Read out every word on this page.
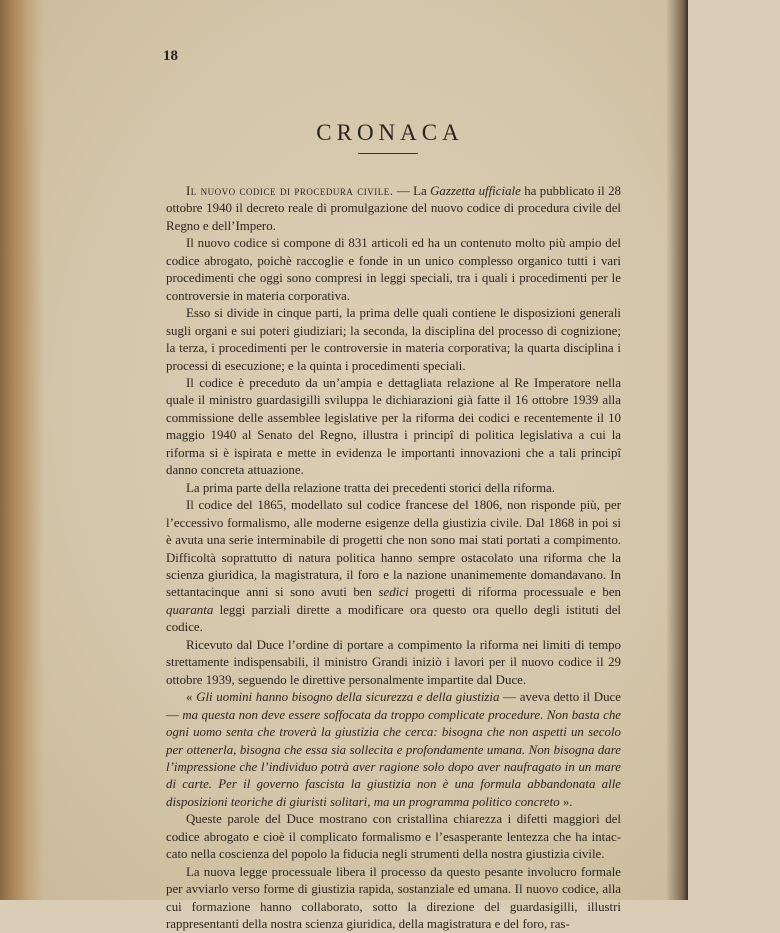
18
CRONACA

Il nuovo codice di procedura civile. — La Gazzetta ufficiale ha pubblicato il 28 ottobre 1940 il decreto reale di promulgazione del nuovo codice di procedura civile del Regno e dell’Impero.

Il nuovo codice si compone di 831 articoli ed ha un contenuto molto più ampio del codice abrogato, poichè raccoglie e fonde in un unico complesso organico tutti i vari procedimenti che oggi sono compresi in leggi speciali, tra i quali i procedimenti per le controversie in materia corporativa.

Esso si divide in cinque parti, la prima delle quali contiene le disposizioni generali sugli organi e sui poteri giudiziari; la seconda, la disciplina del processo di cognizione; la terza, i procedimenti per le controversie in materia corporativa; la quarta disciplina i processi di esecuzione; e la quinta i procedimenti speciali.

Il codice è preceduto da un’ampia e dettagliata relazione al Re Imperatore nella quale il ministro guardasigilli sviluppa le dichiarazioni già fatte il 16 ottobre 1939 alla commissione delle assemblee legislative per la riforma dei codici e recentemente il 10 maggio 1940 al Senato del Regno, illustra i principî di politica legislativa a cui la riforma si è ispirata e mette in evidenza le importanti innovazioni che a tali principî danno concreta attuazione.

La prima parte della relazione tratta dei precedenti storici della riforma.

Il codice del 1865, modellato sul codice francese del 1806, non risponde più, per l’eccessivo formalismo, alle moderne esigenze della giustizia civile. Dal 1868 in poi si è avuta una serie interminabile di progetti che non sono mai stati portati a compimento. Difficoltà soprattutto di natura politica hanno sempre ostacolato una riforma che la scienza giuridica, la magistratura, il foro e la nazione unanimemente domandavano. In settantacinque anni si sono avuti ben sedici progetti di riforma processuale e ben quaranta leggi parziali dirette a modificare ora questo ora quello degli istituti del codice.

Ricevuto dal Duce l’ordine di portare a compimento la riforma nei limiti di tempo strettamente indispensabili, il ministro Grandi iniziò i lavori per il nuovo codice il 29 ottobre 1939, seguendo le direttive personalmente impartite dal Duce.

« Gli uomini hanno bisogno della sicurezza e della giustizia — aveva detto il Duce — ma questa non deve essere soffocata da troppo complicate procedure. Non basta che ogni uomo senta che troverà la giustizia che cerca: bisogna che non aspetti un secolo per ottenerla, bisogna che essa sia sollecita e profondamente umana. Non bisogna dare l’impressione che l’individuo potrà aver ragione solo dopo aver naufragato in un mare di carte. Per il governo fascista la giustizia non è una formula abbandonata alle disposizioni teoriche di giuristi solitari, ma un programma politico concreto ».

Queste parole del Duce mostrano con cristallina chiarezza i difetti maggiori del codice abrogato e cioè il complicato formalismo e l’esasperante lentezza che ha intaccato nella coscienza del popolo la fiducia negli strumenti della nostra giustizia civile.

La nuova legge processuale libera il processo da questo pesante involucro formale per avviarlo verso forme di giustizia rapida, sostanziale ed umana. Il nuovo codice, alla cui formazione hanno collaborato, sotto la direzione del guardasigilli, illustri rappresentanti della nostra scienza giuridica, della magistratura e del foro, ras-
